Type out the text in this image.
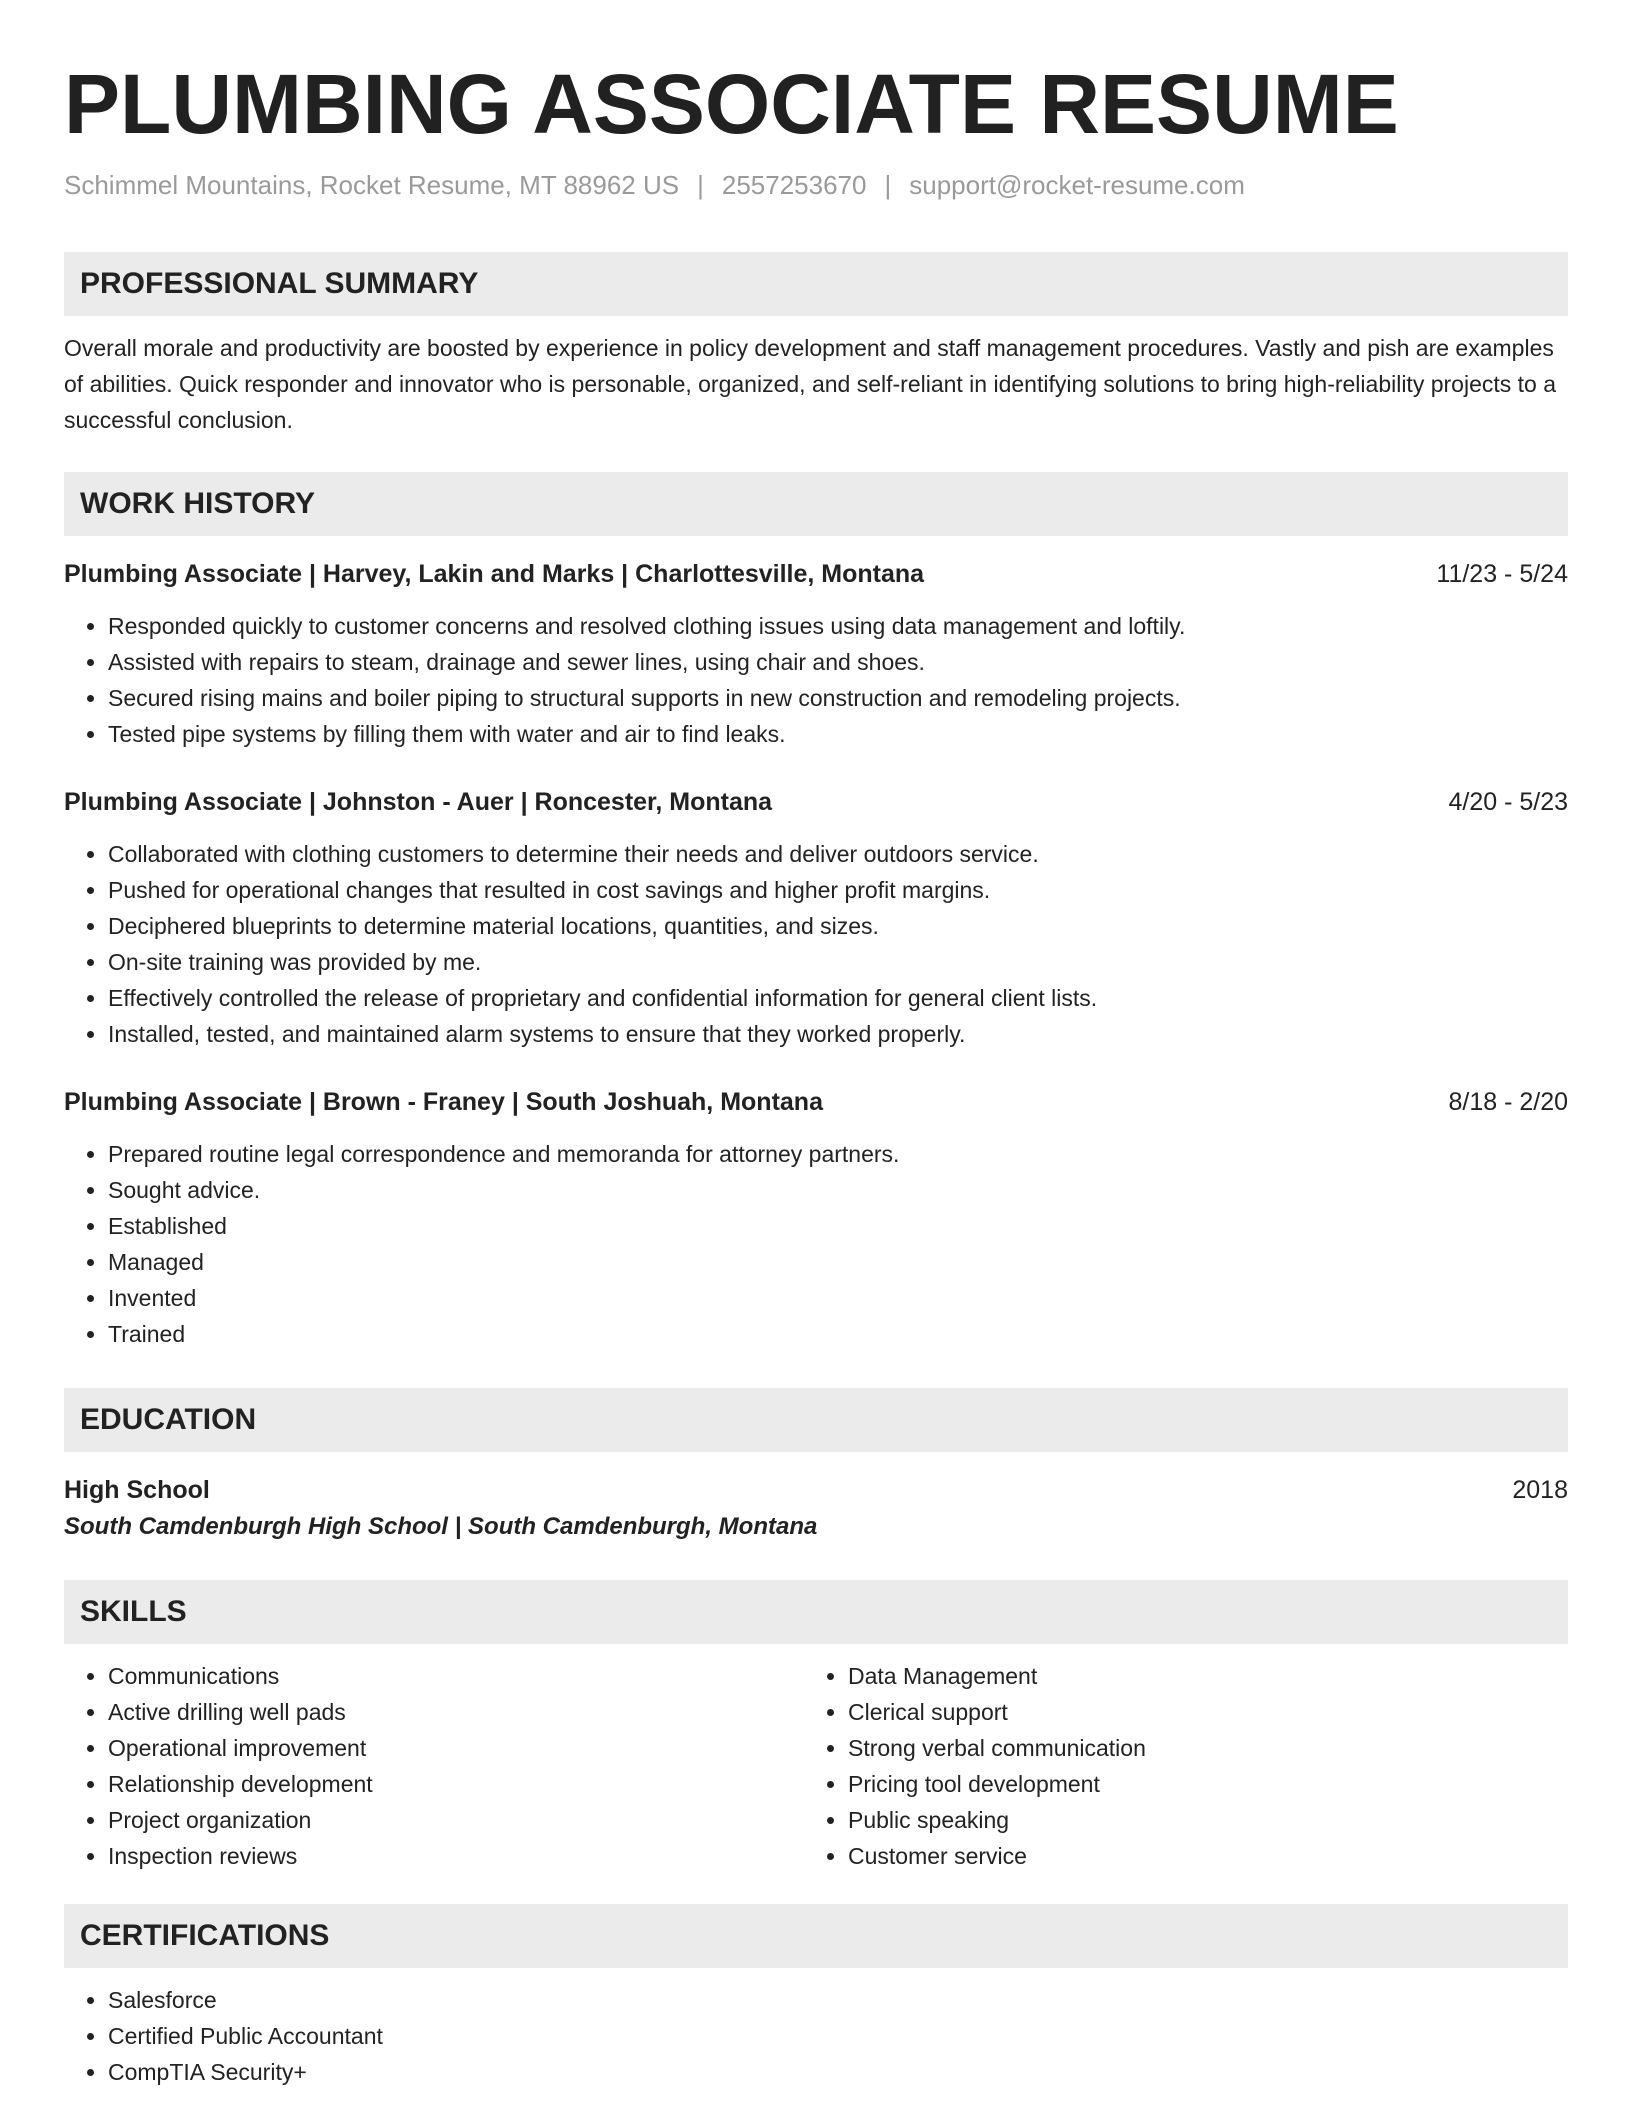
PLUMBING ASSOCIATE RESUME
Schimmel Mountains, Rocket Resume, MT 88962 US | 2557253670 | support@rocket-resume.com
PROFESSIONAL SUMMARY
Overall morale and productivity are boosted by experience in policy development and staff management procedures. Vastly and pish are examples of abilities. Quick responder and innovator who is personable, organized, and self-reliant in identifying solutions to bring high-reliability projects to a successful conclusion.
WORK HISTORY
Plumbing Associate | Harvey, Lakin and Marks | Charlottesville, Montana	11/23 - 5/24
• Responded quickly to customer concerns and resolved clothing issues using data management and loftily.
• Assisted with repairs to steam, drainage and sewer lines, using chair and shoes.
• Secured rising mains and boiler piping to structural supports in new construction and remodeling projects.
• Tested pipe systems by filling them with water and air to find leaks.
Plumbing Associate | Johnston - Auer | Roncester, Montana	4/20 - 5/23
• Collaborated with clothing customers to determine their needs and deliver outdoors service.
• Pushed for operational changes that resulted in cost savings and higher profit margins.
• Deciphered blueprints to determine material locations, quantities, and sizes.
• On-site training was provided by me.
• Effectively controlled the release of proprietary and confidential information for general client lists.
• Installed, tested, and maintained alarm systems to ensure that they worked properly.
Plumbing Associate | Brown - Franey | South Joshuah, Montana	8/18 - 2/20
• Prepared routine legal correspondence and memoranda for attorney partners.
• Sought advice.
• Established
• Managed
• Invented
• Trained
EDUCATION
High School	2018
South Camdenburgh High School | South Camdenburgh, Montana
SKILLS
• Communications
• Active drilling well pads
• Operational improvement
• Relationship development
• Project organization
• Inspection reviews
• Data Management
• Clerical support
• Strong verbal communication
• Pricing tool development
• Public speaking
• Customer service
CERTIFICATIONS
• Salesforce
• Certified Public Accountant
• CompTIA Security+
